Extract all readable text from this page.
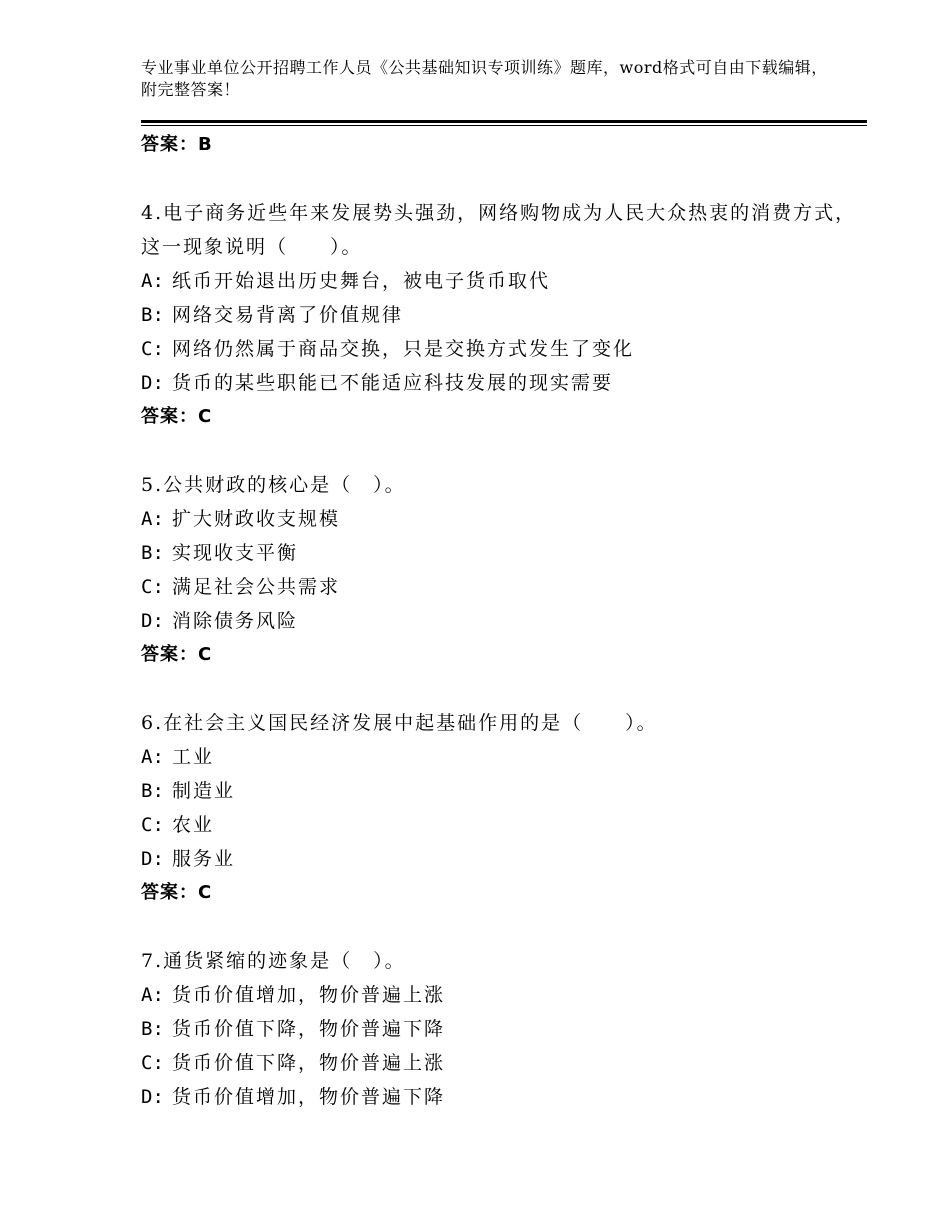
专业事业单位公开招聘工作人员《公共基础知识专项训练》题库，word格式可自由下载编辑，附完整答案！
答案：B
4.电子商务近些年来发展势头强劲，网络购物成为人民大众热衷的消费方式，这一现象说明（　　）。
A: 纸币开始退出历史舞台，被电子货币取代
B: 网络交易背离了价值规律
C: 网络仍然属于商品交换，只是交换方式发生了变化
D: 货币的某些职能已不能适应科技发展的现实需要
答案：C
5.公共财政的核心是（　）。
A: 扩大财政收支规模
B: 实现收支平衡
C: 满足社会公共需求
D: 消除债务风险
答案：C
6.在社会主义国民经济发展中起基础作用的是（　　）。
A: 工业
B: 制造业
C: 农业
D: 服务业
答案：C
7.通货紧缩的迹象是（　）。
A: 货币价值增加，物价普遍上涨
B: 货币价值下降，物价普遍下降
C: 货币价值下降，物价普遍上涨
D: 货币价值增加，物价普遍下降
